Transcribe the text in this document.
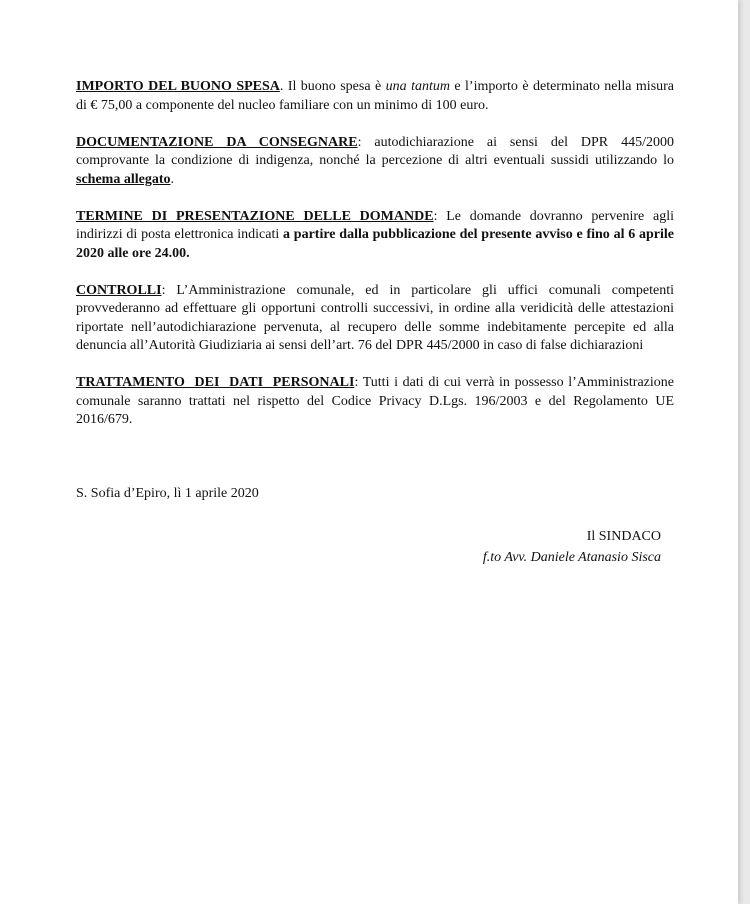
IMPORTO DEL BUONO SPESA. Il buono spesa è una tantum e l’importo è determinato nella misura di € 75,00 a componente del nucleo familiare con un minimo di 100 euro.

DOCUMENTAZIONE DA CONSEGNARE: autodichiarazione ai sensi del DPR 445/2000 comprovante la condizione di indigenza, nonché la percezione di altri eventuali sussidi utilizzando lo schema allegato.

TERMINE DI PRESENTAZIONE DELLE DOMANDE: Le domande dovranno pervenire agli indirizzi di posta elettronica indicati a partire dalla pubblicazione del presente avviso e fino al 6 aprile 2020 alle ore 24.00.

CONTROLLI: L’Amministrazione comunale, ed in particolare gli uffici comunali competenti provvederanno ad effettuare gli opportuni controlli successivi, in ordine alla veridicità delle attestazioni riportate nell’autodichiarazione pervenuta, al recupero delle somme indebitamente percepite ed alla denuncia all’Autorità Giudiziaria ai sensi dell’art. 76 del DPR 445/2000 in caso di false dichiarazioni

TRATTAMENTO DEI DATI PERSONALI: Tutti i dati di cui verrà in possesso l’Amministrazione comunale saranno trattati nel rispetto del Codice Privacy D.Lgs. 196/2003 e del Regolamento UE 2016/679.

S. Sofia d’Epiro, lì 1 aprile 2020
Il SINDACO
f.to Avv. Daniele Atanasio Sisca
